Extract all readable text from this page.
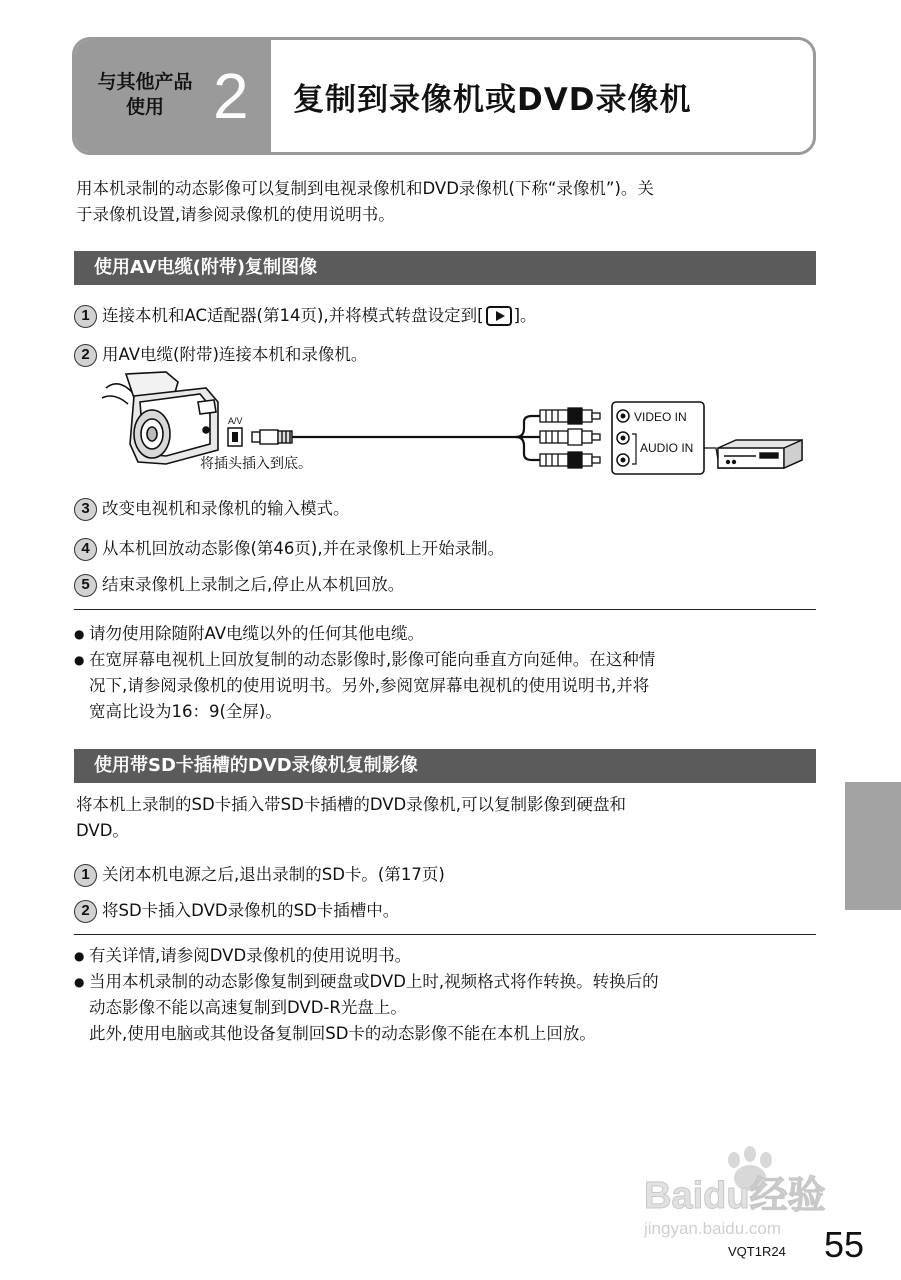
与其他产品
使用 2 复制到录像机或DVD录像机
用本机录制的动态影像可以复制到电视录像机和DVD录像机(下称“录像机”)。关
于录像机设置,请参阅录像机的使用说明书。
使用AV电缆(附带)复制图像
1 连接本机和AC适配器(第14页),并将模式转盘设定到[ ]。
2 用AV电缆(附带)连接本机和录像机。
A/V
将插头插入到底。
VIDEO IN
AUDIO IN
3 改变电视机和录像机的输入模式。
4 从本机回放动态影像(第46页),并在录像机上开始录制。
5 结束录像机上录制之后,停止从本机回放。
● 请勿使用除随附AV电缆以外的任何其他电缆。
● 在宽屏幕电视机上回放复制的动态影像时,影像可能向垂直方向延伸。在这种情
况下,请参阅录像机的使用说明书。另外,参阅宽屏幕电视机的使用说明书,并将
宽高比设为16：9(全屏)。
使用带SD卡插槽的DVD录像机复制影像
将本机上录制的SD卡插入带SD卡插槽的DVD录像机,可以复制影像到硬盘和
DVD。
1 关闭本机电源之后,退出录制的SD卡。(第17页)
2 将SD卡插入DVD录像机的SD卡插槽中。
● 有关详情,请参阅DVD录像机的使用说明书。
● 当用本机录制的动态影像复制到硬盘或DVD上时,视频格式将作转换。转换后的
动态影像不能以高速复制到DVD-R光盘上。
此外,使用电脑或其他设备复制回SD卡的动态影像不能在本机上回放。
Baidu经验
jingyan.baidu.com
VQT1R24 55
